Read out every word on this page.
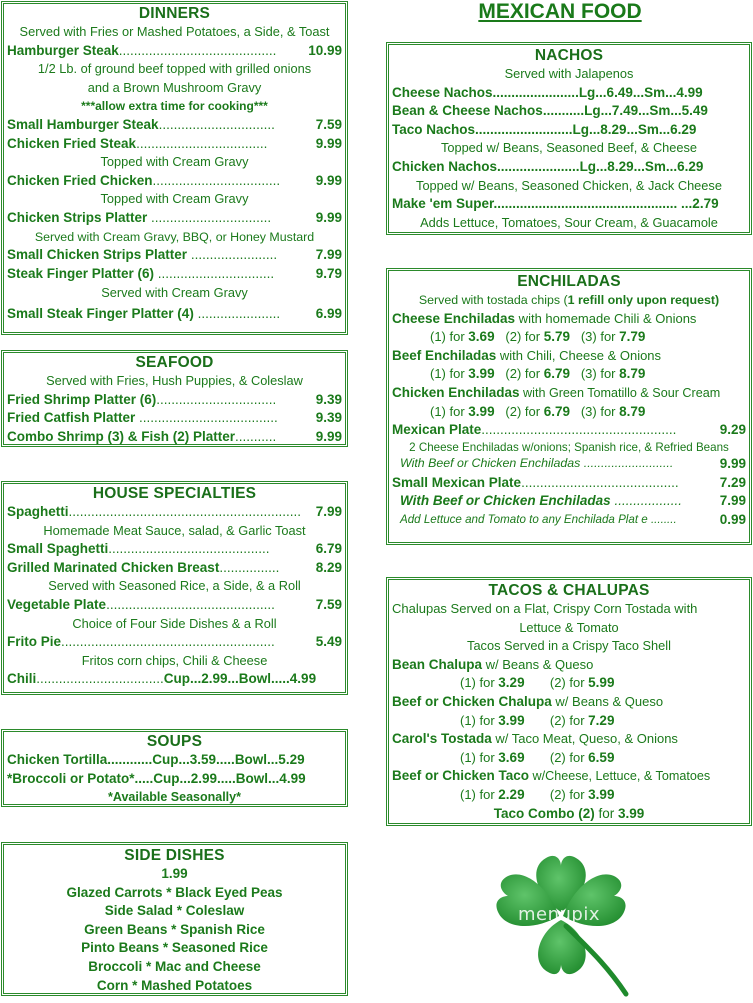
MEXICAN FOOD
DINNERS
Served with Fries or Mashed Potatoes, a Side, & Toast
Hamburger Steak.......................................... 10.99
1/2 Lb. of ground beef topped with grilled onions
and a Brown Mushroom Gravy
***allow extra time for cooking***
Small Hamburger Steak...............................	7.59
Chicken Fried Steak...................................	9.99
Topped with Cream Gravy
Chicken Fried Chicken..................................	9.99
Topped with Cream Gravy
Chicken Strips Platter ................................	9.99
Served with Cream Gravy, BBQ, or Honey Mustard
Small Chicken Strips Platter .......................	7.99
Steak Finger Platter (6) ...............................	9.79
Served with Cream Gravy
Small Steak Finger Platter (4) ......................	6.99
SEAFOOD
Served with Fries, Hush Puppies, & Coleslaw
Fried Shrimp Platter (6)................................	9.39
Fried Catfish Platter .....................................	9.39
Combo Shrimp (3) & Fish (2) Platter...........	9.99
HOUSE SPECIALTIES
Spaghetti.............................................................. 7.99
Homemade Meat Sauce, salad, & Garlic Toast
Small Spaghetti...........................................	6.79
Grilled Marinated Chicken Breast................	8.29
Served with Seasoned Rice, a Side, & a Roll
Vegetable Plate.............................................	7.59
Choice of Four Side Dishes & a Roll
Frito Pie.........................................................	5.49
Fritos corn chips, Chili & Cheese
Chili..................................Cup...2.99...Bowl.....4.99
SOUPS
Chicken Tortilla............Cup...3.59.....Bowl...5.29
*Broccoli or Potato*.....Cup...2.99.....Bowl...4.99
*Available Seasonally*
SIDE DISHES
1.99
Glazed Carrots * Black Eyed Peas
Side Salad * Coleslaw
Green Beans * Spanish Rice
Pinto Beans * Seasoned Rice
Broccoli * Mac and Cheese
Corn * Mashed Potatoes
NACHOS
Served with Jalapenos
Cheese Nachos.......................Lg...6.49...Sm...4.99
Bean & Cheese Nachos...........Lg...7.49...Sm...5.49
Taco Nachos..........................Lg...8.29...Sm...6.29
Topped w/ Beans, Seasoned Beef, & Cheese
Chicken Nachos......................Lg...8.29...Sm...6.29
Topped w/ Beans, Seasoned Chicken, & Jack Cheese
Make 'em Super................................................. ...2.79
Adds Lettuce, Tomatoes, Sour Cream, & Guacamole
ENCHILADAS
Served with tostada chips (1 refill only upon request)
Cheese Enchiladas with homemade Chili & Onions
(1) for 3.69 (2) for 5.79 (3) for 7.79
Beef Enchiladas with Chili, Cheese & Onions
(1) for 3.99 (2) for 6.79 (3) for 8.79
Chicken Enchiladas with Green Tomatillo & Sour Cream
(1) for 3.99 (2) for 6.79 (3) for 8.79
Mexican Plate....................................................	9.29
2 Cheese Enchiladas w/onions; Spanish rice, & Refried Beans
With Beef or Chicken Enchiladas ..........................	9.99
Small Mexican Plate..........................................	7.29
With Beef or Chicken Enchiladas ..................	7.99
Add Lettuce and Tomato to any Enchilada Plat e ........	0.99
TACOS & CHALUPAS
Chalupas Served on a Flat, Crispy Corn Tostada with
Lettuce & Tomato
Tacos Served in a Crispy Taco Shell
Bean Chalupa w/ Beans & Queso
(1) for 3.29 (2) for 5.99
Beef or Chicken Chalupa w/ Beans & Queso
(1) for 3.99 (2) for 7.29
Carol's Tostada w/ Taco Meat, Queso, & Onions
(1) for 3.69 (2) for 6.59
Beef or Chicken Taco w/Cheese, Lettuce, & Tomatoes
(1) for 2.29 (2) for 3.99
Taco Combo (2) for 3.99
menupix
